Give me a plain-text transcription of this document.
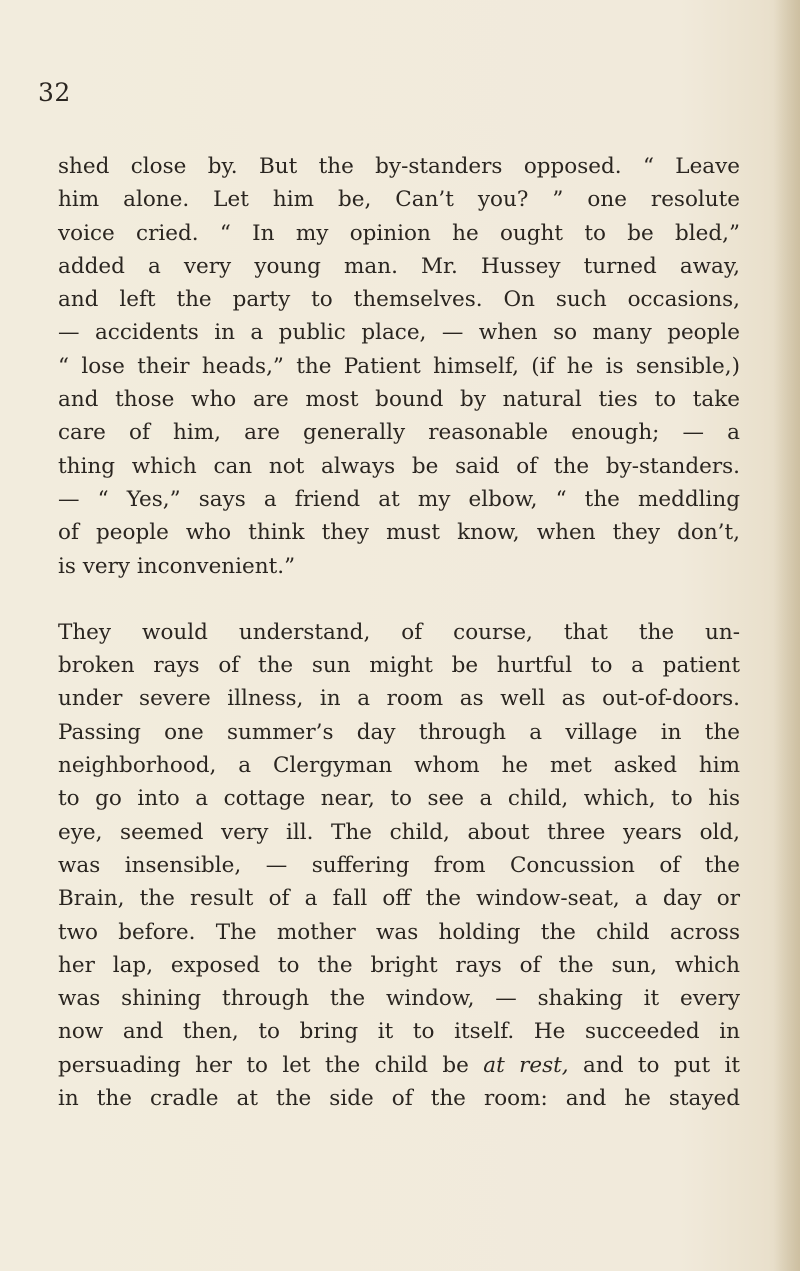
32
shed close by. But the by-standers opposed. “ Leave
him alone. Let him be, Can’t you? ” one resolute
voice cried. “ In my opinion he ought to be bled,”
added a very young man. Mr. Hussey turned away,
and left the party to themselves. On such occasions,
— accidents in a public place, — when so many people
“ lose their heads,” the Patient himself, (if he is sensible,)
and those who are most bound by natural ties to take
care of him, are generally reasonable enough; — a
thing which can not always be said of the by-standers.
— “ Yes,” says a friend at my elbow, “ the meddling
of people who think they must know, when they don’t,
is very inconvenient.”
They would understand, of course, that the un-
broken rays of the sun might be hurtful to a patient
under severe illness, in a room as well as out-of-doors.
Passing one summer’s day through a village in the
neighborhood, a Clergyman whom he met asked him
to go into a cottage near, to see a child, which, to his
eye, seemed very ill. The child, about three years old,
was insensible, — suffering from Concussion of the
Brain, the result of a fall off the window-seat, a day or
two before. The mother was holding the child across
her lap, exposed to the bright rays of the sun, which
was shining through the window, — shaking it every
now and then, to bring it to itself. He succeeded in
persuading her to let the child be at rest, and to put it
in the cradle at the side of the room: and he stayed
